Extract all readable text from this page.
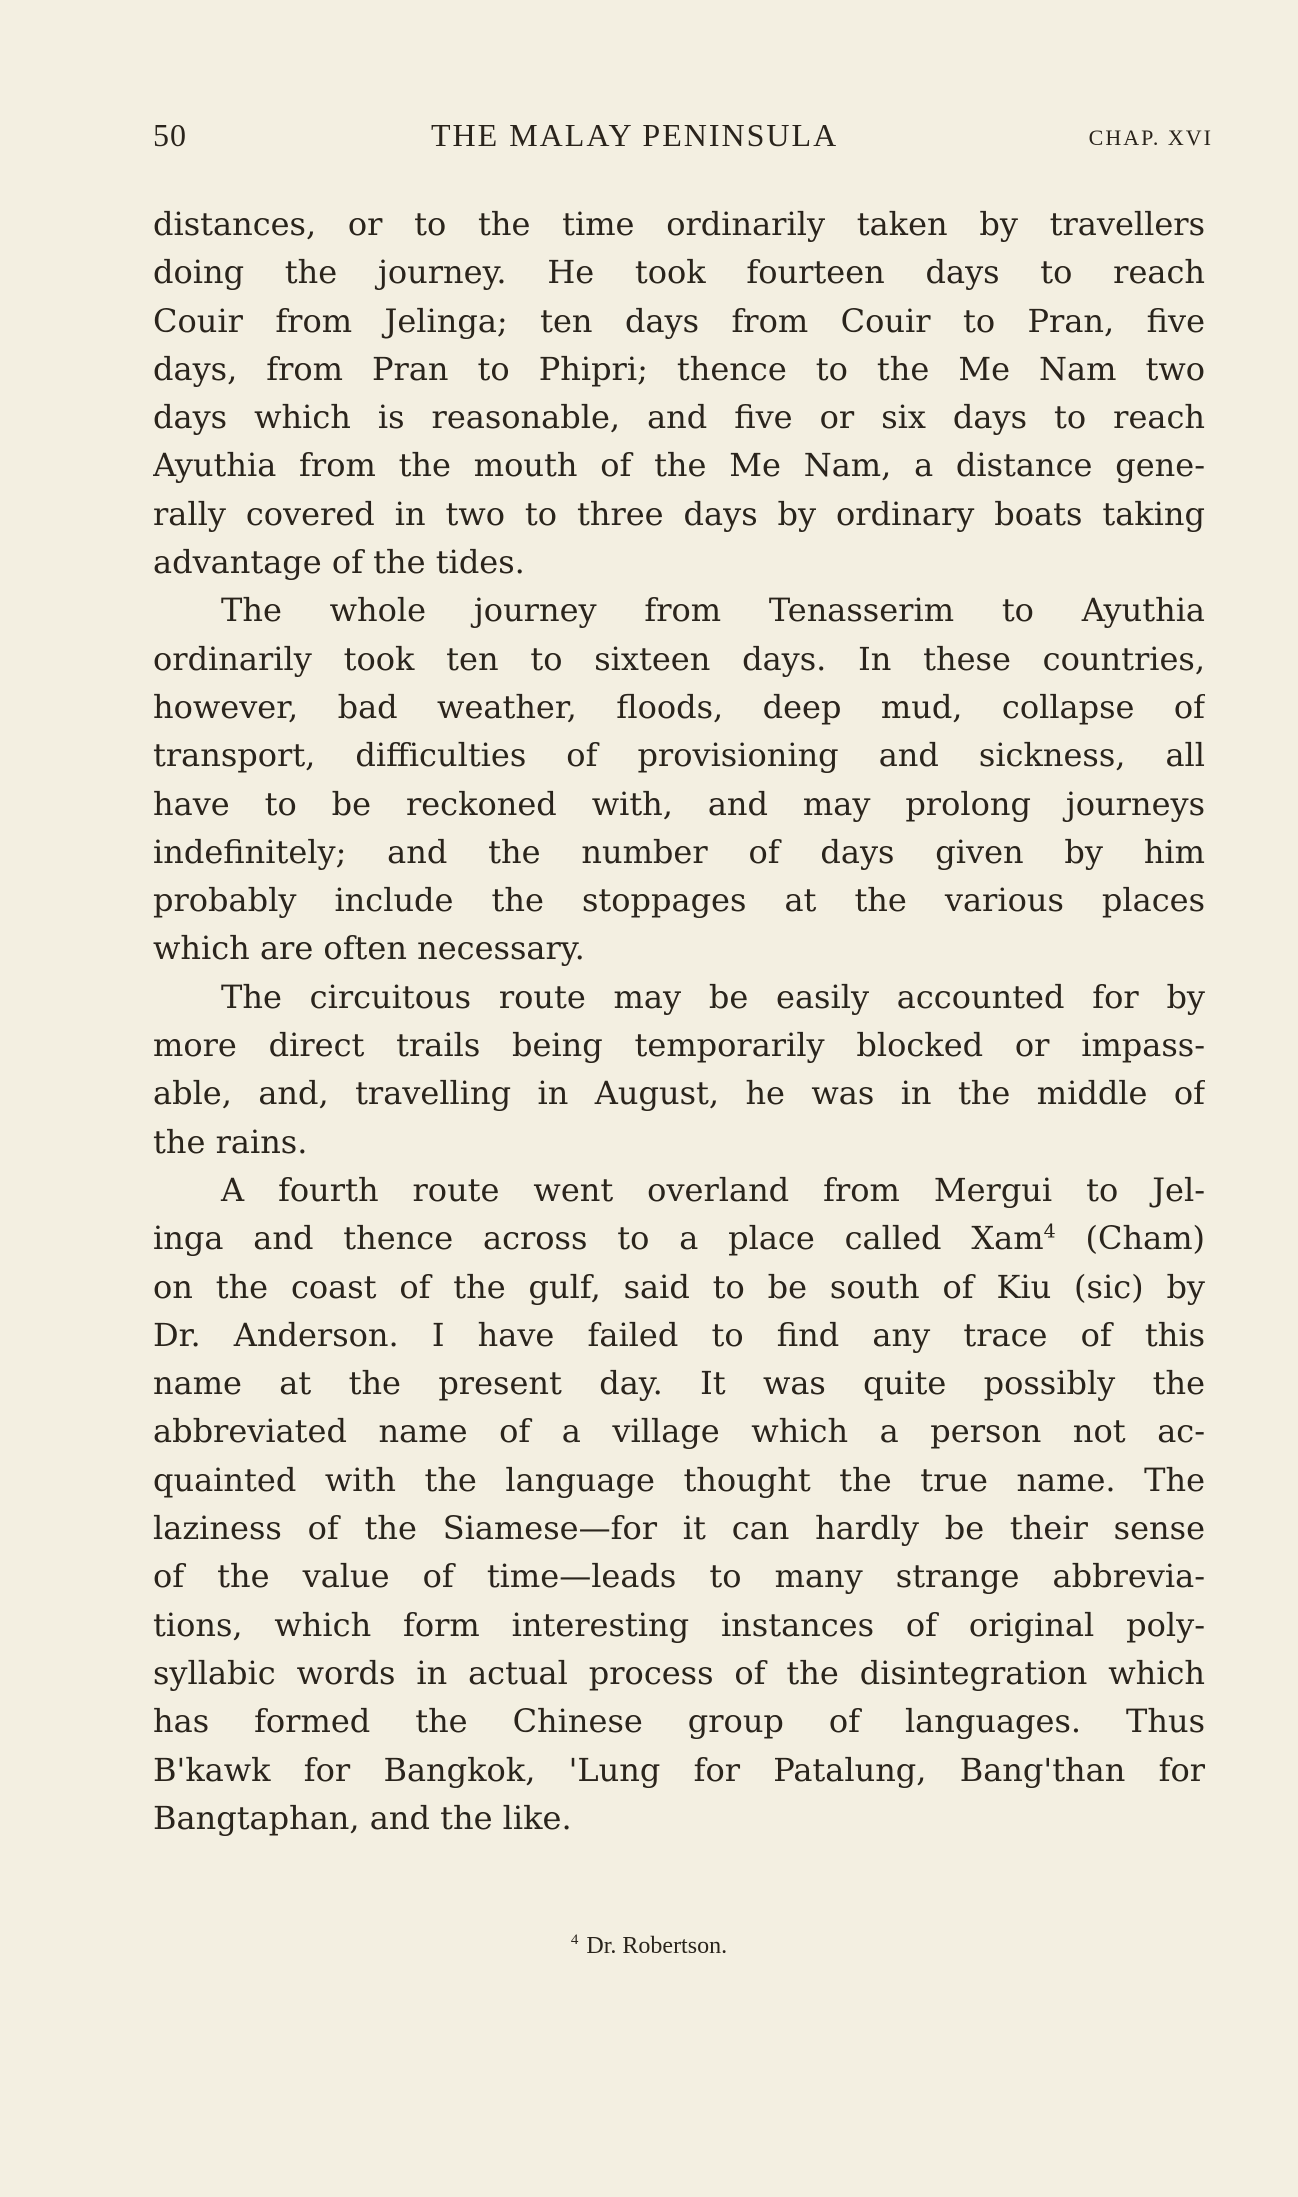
50	THE MALAY PENINSULA	CHAP. XVI
distances, or to the time ordinarily taken by travellers
doing the journey. He took fourteen days to reach
Couir from Jelinga; ten days from Couir to Pran, five
days, from Pran to Phipri; thence to the Me Nam two
days which is reasonable, and five or six days to reach
Ayuthia from the mouth of the Me Nam, a distance gene-
rally covered in two to three days by ordinary boats taking
advantage of the tides.
The whole journey from Tenasserim to Ayuthia
ordinarily took ten to sixteen days. In these countries,
however, bad weather, floods, deep mud, collapse of
transport, difficulties of provisioning and sickness, all
have to be reckoned with, and may prolong journeys
indefinitely; and the number of days given by him
probably include the stoppages at the various places
which are often necessary.
The circuitous route may be easily accounted for by
more direct trails being temporarily blocked or impass-
able, and, travelling in August, he was in the middle of
the rains.
A fourth route went overland from Mergui to Jel-
inga and thence across to a place called Xam$^4$ (Cham)
on the coast of the gulf, said to be south of Kiu (sic) by
Dr. Anderson. I have failed to find any trace of this
name at the present day. It was quite possibly the
abbreviated name of a village which a person not ac-
quainted with the language thought the true name. The
laziness of the Siamese—for it can hardly be their sense
of the value of time—leads to many strange abbrevia-
tions, which form interesting instances of original poly-
syllabic words in actual process of the disintegration which
has formed the Chinese group of languages. Thus
B'kawk for Bangkok, 'Lung for Patalung, Bang'than for
Bangtaphan, and the like.
$^4$ Dr. Robertson.
